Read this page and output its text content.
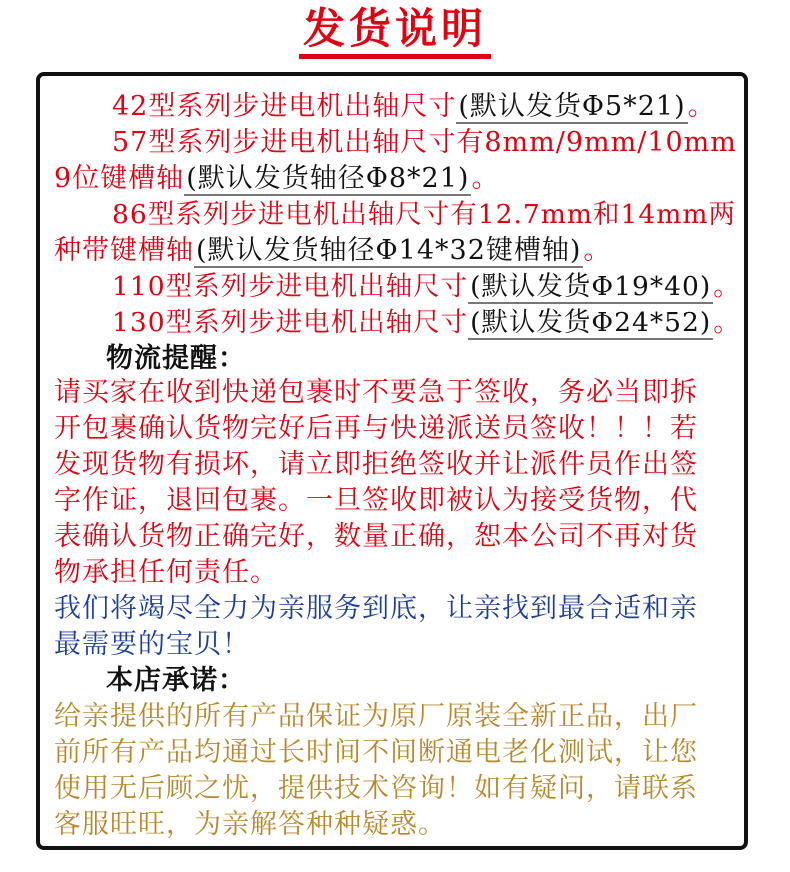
发货说明
42型系列步进电机出轴尺寸(默认发货Φ5*21)。
57型系列步进电机出轴尺寸有8mm/9mm/10mm
9位键槽轴(默认发货轴径Φ8*21)。
86型系列步进电机出轴尺寸有12.7mm和14mm两
种带键槽轴(默认发货轴径Φ14*32键槽轴)。
110型系列步进电机出轴尺寸(默认发货Φ19*40)。
130型系列步进电机出轴尺寸(默认发货Φ24*52)。
物流提醒：
请买家在收到快递包裹时不要急于签收，务必当即拆
开包裹确认货物完好后再与快递派送员签收！！！若
发现货物有损坏，请立即拒绝签收并让派件员作出签
字作证，退回包裹。一旦签收即被认为接受货物，代
表确认货物正确完好，数量正确，恕本公司不再对货
物承担任何责任。
我们将竭尽全力为亲服务到底，让亲找到最合适和亲
最需要的宝贝！
本店承诺：
给亲提供的所有产品保证为原厂原装全新正品，出厂
前所有产品均通过长时间不间断通电老化测试，让您
使用无后顾之忧，提供技术咨询！如有疑问，请联系
客服旺旺，为亲解答种种疑惑。
